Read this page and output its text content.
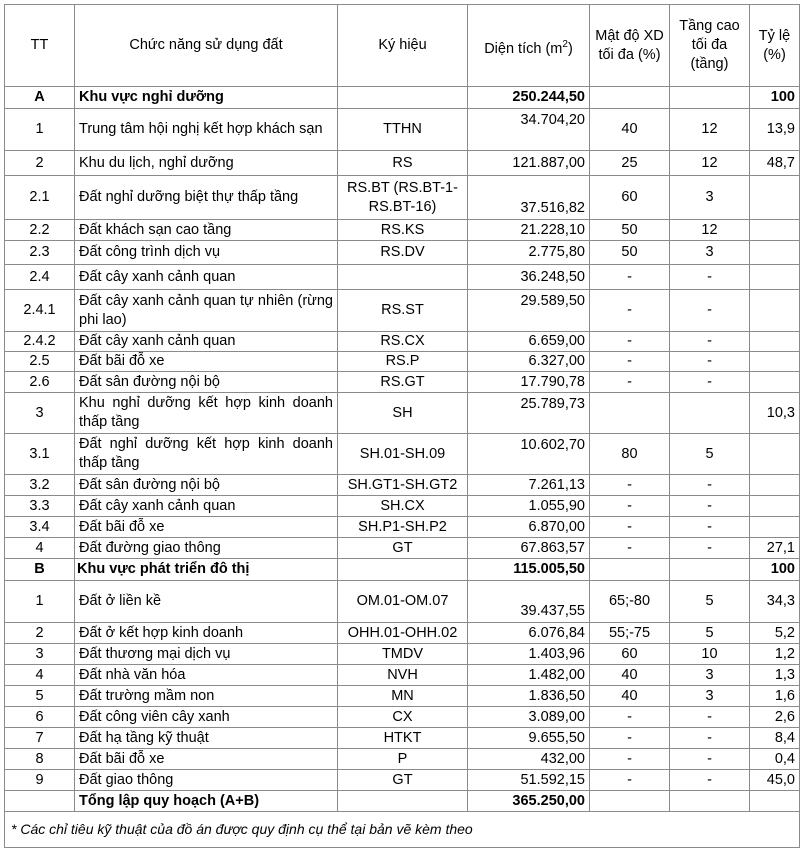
TT	Chức năng sử dụng đất	Ký hiệu	Diện tích $(m^2)$	Mật độ XD tối đa (%)	Tầng cao tối đa (tầng)	Tỷ lệ (%)
A	Khu vực nghỉ dưỡng		250.244,50			100
1	Trung tâm hội nghị kết hợp khách sạn	TTHN	34.704,20	40	12	13,9
2	Khu du lịch, nghỉ dưỡng	RS	121.887,00	25	12	48,7
2.1	Đất nghỉ dưỡng biệt thự thấp tầng	RS.BT (RS.BT-1-RS.BT-16)	37.516,82	60	3	
2.2	Đất khách sạn cao tầng	RS.KS	21.228,10	50	12	
2.3	Đất công trình dịch vụ	RS.DV	2.775,80	50	3	
2.4	Đất cây xanh cảnh quan		36.248,50	-	-	
2.4.1	Đất cây xanh cảnh quan tự nhiên (rừng phi lao)	RS.ST	29.589,50	-	-	
2.4.2	Đất cây xanh cảnh quan	RS.CX	6.659,00	-	-	
2.5	Đất bãi đỗ xe	RS.P	6.327,00	-	-	
2.6	Đất sân đường nội bộ	RS.GT	17.790,78	-	-	
3	Khu nghỉ dưỡng kết hợp kinh doanh thấp tầng	SH	25.789,73			10,3
3.1	Đất nghỉ dưỡng kết hợp kinh doanh thấp tầng	SH.01-SH.09	10.602,70	80	5	
3.2	Đất sân đường nội bộ	SH.GT1-SH.GT2	7.261,13	-	-	
3.3	Đất cây xanh cảnh quan	SH.CX	1.055,90	-	-	
3.4	Đất bãi đỗ xe	SH.P1-SH.P2	6.870,00	-	-	
4	Đất đường giao thông	GT	67.863,57	-	-	27,1
B	Khu vực phát triển đô thị		115.005,50			100
1	Đất ở liền kề	OM.01-OM.07	39.437,55	65;-80	5	34,3
2	Đất ở kết hợp kinh doanh	OHH.01-OHH.02	6.076,84	55;-75	5	5,2
3	Đất thương mại dịch vụ	TMDV	1.403,96	60	10	1,2
4	Đất nhà văn hóa	NVH	1.482,00	40	3	1,3
5	Đất trường mầm non	MN	1.836,50	40	3	1,6
6	Đất công viên cây xanh	CX	3.089,00	-	-	2,6
7	Đất hạ tầng kỹ thuật	HTKT	9.655,50	-	-	8,4
8	Đất bãi đỗ xe	P	432,00	-	-	0,4
9	Đất giao thông	GT	51.592,15	-	-	45,0
	Tổng lập quy hoạch (A+B)		365.250,00			
* Các chỉ tiêu kỹ thuật của đồ án được quy định cụ thể tại bản vẽ kèm theo						
